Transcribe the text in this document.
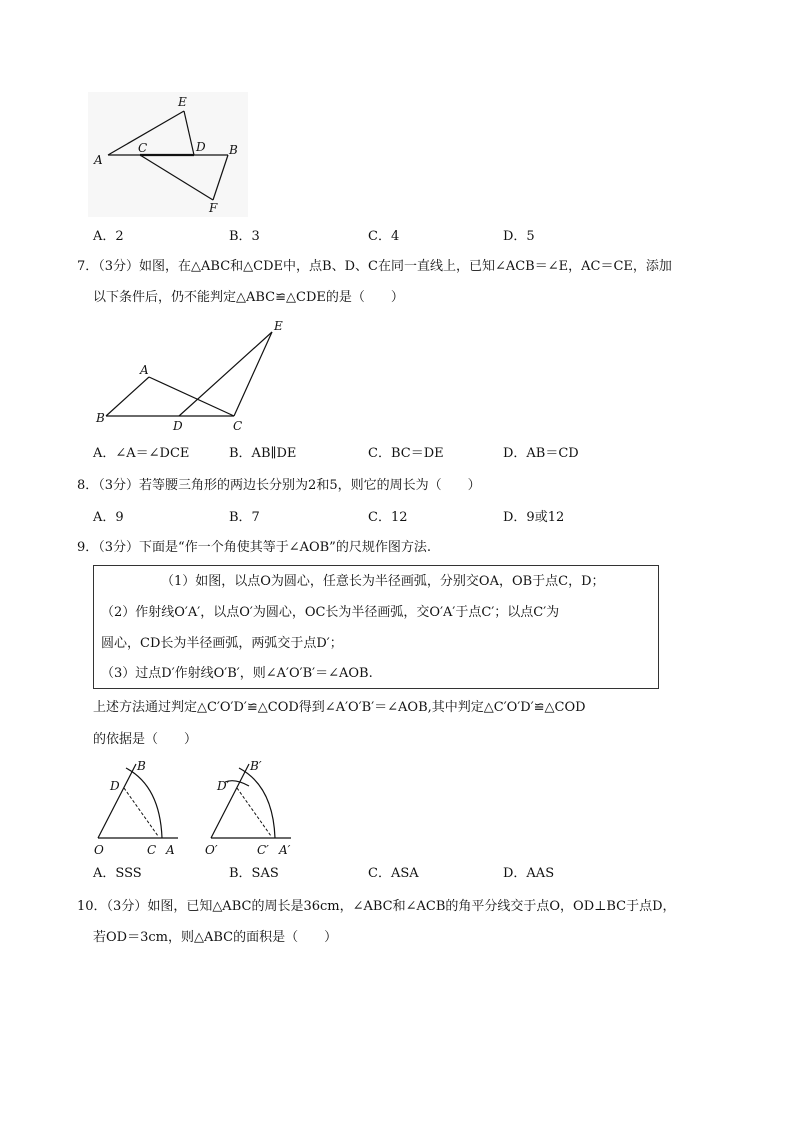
A
C	D B
E
F
A．2	B．3	C．4	D．5
7．（3分）如图，在△ABC和△CDE中，点B、D、C在同一直线上，已知∠ACB＝∠E，AC＝CE，添加
以下条件后，仍不能判定△ABC≌△CDE的是（　　）
A
B
D	C
E
A．∠A＝∠DCE	B．AB∥DE	C．BC＝DE	D．AB＝CD
8．（3分）若等腰三角形的两边长分别为2和5，则它的周长为（　　）
A．9	B．7	C．12	D．9或12
9．（3分）下面是“作一个角使其等于∠AOB”的尺规作图方法.
（1）如图，以点O为圆心，任意长为半径画弧，分别交OA，OB于点C，D；
（2）作射线O′A′，以点O′为圆心，OC长为半径画弧，交O′A′于点C′；以点C′为
圆心，CD长为半径画弧，两弧交于点D′；
（3）过点D′作射线O′B′，则∠A′O′B′＝∠AOB.
上述方法通过判定△C′O′D′≌△COD得到∠A′O′B′＝∠AOB,其中判定△C′O′D′≌△COD
的依据是（　　）
B
D
O	C A
B′
D′
O′	C′ A′
A．SSS	B．SAS	C．ASA	D．AAS
10．（3分）如图，已知△ABC的周长是36cm，∠ABC和∠ACB的角平分线交于点O，OD⊥BC于点D，
若OD＝3cm，则△ABC的面积是（　　）
